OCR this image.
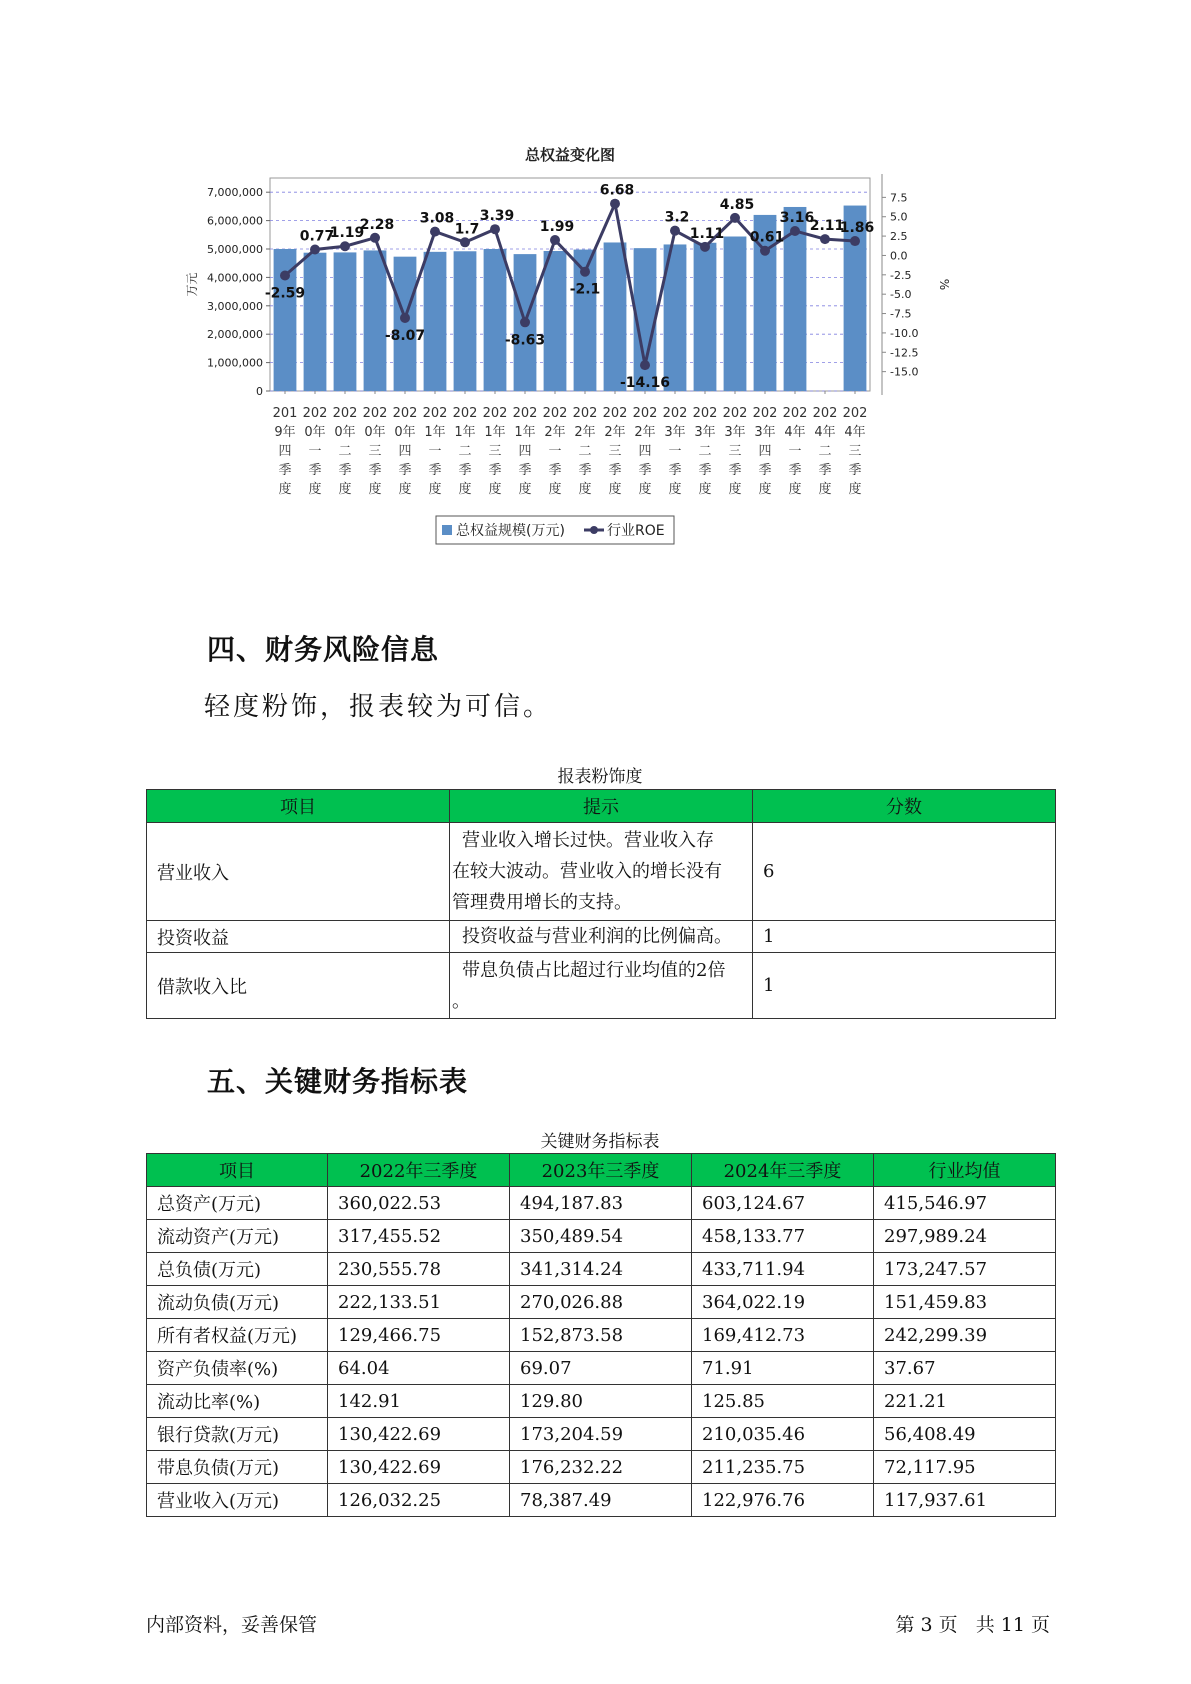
0
1,000,000
2,000,000
3,000,000
4,000,000
5,000,000
6,000,000
7,000,000	7.5
5.0
2.5
0.0
-2.5
-5.0
-7.5
-10.0
-12.5
-15.0
-2.59
0.77
1.19
2.28
-8.07
3.08
1.7
3.39
-8.63
1.99
-2.1
6.68
-14.16
3.2
1.11
4.85
0.61
3.16
2.11
1.86
201
9年
四
季
度
202
0年
一
季
度
202
0年
二
季
度
202
0年
三
季
度
202
0年
四
季
度
202
1年
一
季
度
202
1年
二
季
度
202
1年
三
季
度
202
1年
四
季
度
202
2年
一
季
度
202
2年
二
季
度
202
2年
三
季
度
202
2年
四
季
度
202
3年
一
季
度
202
3年
二
季
度
202
3年
三
季
度
202
3年
四
季
度
202
4年
一
季
度
202
4年
二
季
度
202
4年
三
季
度
总权益变化图
万元	%
总权益规模(万元)	行业ROE
四、财务风险信息
轻度粉饰，报表较为可信。
报表粉饰度
项目	提示	分数
营业收入	营业收入增长过快。营业收入存
在较大波动。营业收入的增长没有
管理费用增长的支持。	6
投资收益	投资收益与营业利润的比例偏高。	1
借款收入比	带息负债占比超过行业均值的2倍
。	1
五、关键财务指标表
关键财务指标表
项目	2022年三季度	2023年三季度	2024年三季度	行业均值
总资产(万元)	360,022.53	494,187.83	603,124.67	415,546.97
流动资产(万元)	317,455.52	350,489.54	458,133.77	297,989.24
总负债(万元)	230,555.78	341,314.24	433,711.94	173,247.57
流动负债(万元)	222,133.51	270,026.88	364,022.19	151,459.83
所有者权益(万元)	129,466.75	152,873.58	169,412.73	242,299.39
资产负债率(%)	64.04	69.07	71.91	37.67
流动比率(%)	142.91	129.80	125.85	221.21
银行贷款(万元)	130,422.69	173,204.59	210,035.46	56,408.49
带息负债(万元)	130,422.69	176,232.22	211,235.75	72,117.95
营业收入(万元)	126,032.25	78,387.49	122,976.76	117,937.61
内部资料，妥善保管	第 3 页   共 11 页
